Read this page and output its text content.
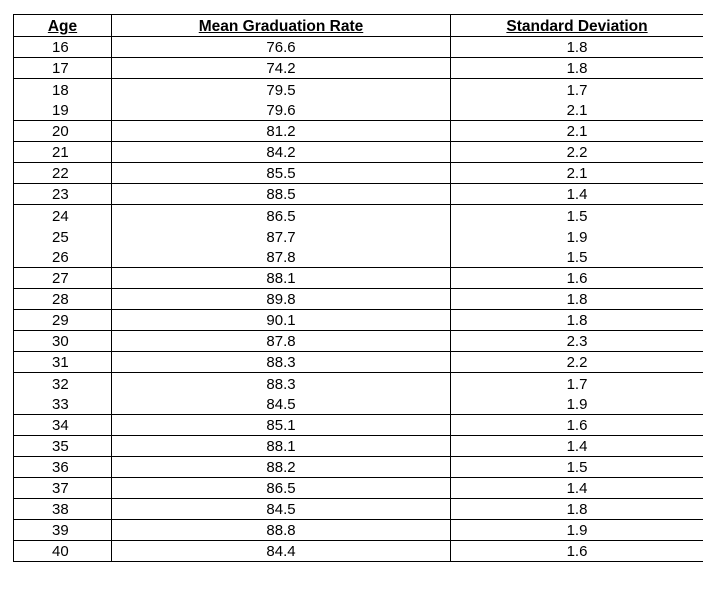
Age	Mean Graduation Rate	Standard Deviation
16	76.6	1.8
17	74.2	1.8
18	79.5	1.7
19	79.6	2.1
20	81.2	2.1
21	84.2	2.2
22	85.5	2.1
23	88.5	1.4
24	86.5	1.5
25	87.7	1.9
26	87.8	1.5
27	88.1	1.6
28	89.8	1.8
29	90.1	1.8
30	87.8	2.3
31	88.3	2.2
32	88.3	1.7
33	84.5	1.9
34	85.1	1.6
35	88.1	1.4
36	88.2	1.5
37	86.5	1.4
38	84.5	1.8
39	88.8	1.9
40	84.4	1.6
